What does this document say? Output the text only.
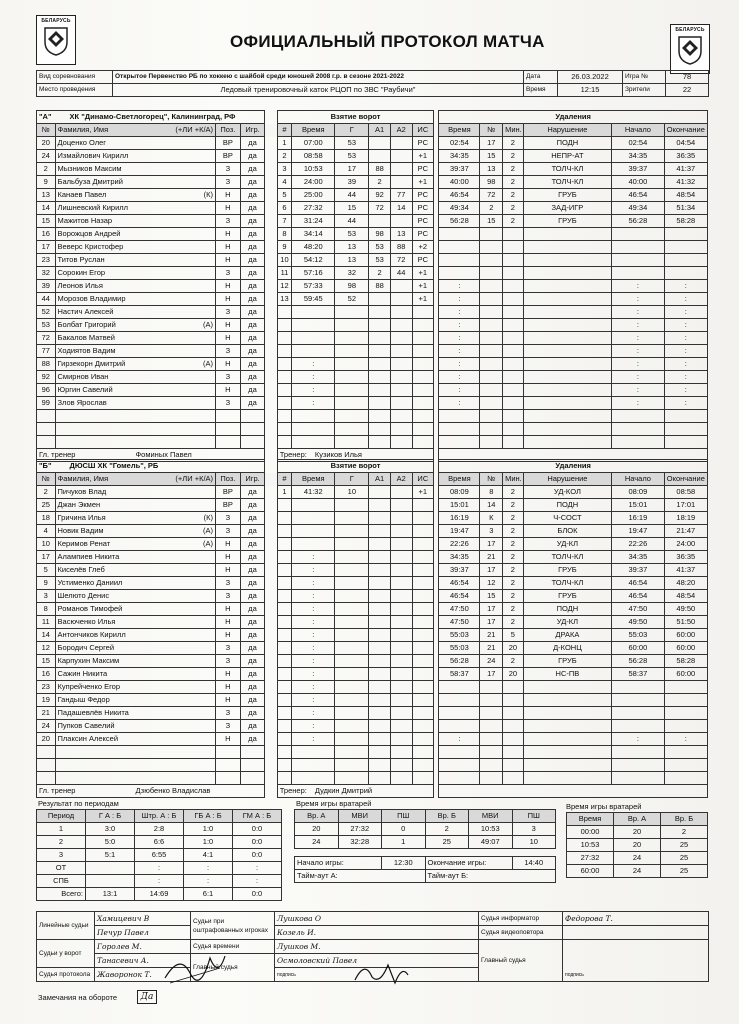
БЕЛАРУСЬ
БЕЛАРУСЬ
ОФИЦИАЛЬНЫЙ ПРОТОКОЛ МАТЧА
Вид соревнования	Открытое Первенство РБ по хоккею с шайбой среди юношей 2008 г.р. в сезоне 2021-2022	Дата	26.03.2022	Игра №	78
Место проведения	Ледовый тренировочный каток РЦОП по ЗВС "Раубичи"	Время	12:15	Зрители	22
"А" ХК "Динамо-Светлогорец", Калининград, РФ					Взятие ворот							Удаления					
№	Фамилия, Имя (+ЛИ +К/А)	Поз.	Игр.		#	Время	Г	А1	А2	ИС		Время	№	Мин.	Нарушение	Начало	Окончание
20	Доценко Олег	ВР	да		1	07:00	53			РС		02:54	17	2	ПОДН	02:54	04:54
24	Измайлович Кирилл	ВР	да		2	08:58	53			+1		34:35	15	2	НЕПР-АТ	34:35	36:35
2	Мызников Максим	З	да		3	10:53	17	88		РС		39:37	13	2	ТОЛЧ-КЛ	39:37	41:37
9	Бальбуза Дмитрий	З	да		4	24:00	39	2		+1		40:00	98	2	ТОЛЧ-КЛ	40:00	41:32
13	Канаев Павел (К)	Н	да		5	25:00	44	92	77	РС		46:54	72	2	ГРУБ	46:54	48:54
14	Лишневский Кирилл	Н	да		6	27:32	15	72	14	РС		49:34	2	2	ЗАД-ИГР	49:34	51:34
15	Мажитов Назар	З	да		7	31:24	44			РС		56:28	15	2	ГРУБ	56:28	58:28
16	Ворожцов Андрей	Н	да		8	34:14	53	98	13	РС							
17	Веверс Кристофер	Н	да		9	48:20	13	53	88	+2							
23	Титов Руслан	Н	да		10	54:12	13	53	72	РС							
32	Сорокин Егор	З	да		11	57:16	32	2	44	+1							
39	Леонов Илья	Н	да		12	57:33	98	88		+1		:				:	:
44	Морозов Владимир	Н	да		13	59:45	52			+1		:				:	:
52	Настич Алексей	З	да									:				:	:
53	Болбат Григорий (А)	Н	да									:				:	:
72	Бакалов Матвей	Н	да									:				:	:
77	Ходиятов Вадим	З	да									:				:	:
88	Гирзекорн Дмитрий (А)	Н	да			:						:				:	:
92	Смирнов Иван	З	да			:						:				:	:
96	Юргин Савелий	Н	да			:						:				:	:
99	Злов Ярослав	З	да			:						:				:	:

Гл. тренер Фоминых Павел					Тренер: Кузиков Илья												
"Б" ДЮСШ ХК "Гомель", РБ					Взятие ворот							Удаления					
№	Фамилия, Имя (+ЛИ +К/А)	Поз.	Игр.		#	Время	Г	А1	А2	ИС		Время	№	Мин.	Нарушение	Начало	Окончание
2	Пичуков Влад	ВР	да		1	41:32	10			+1		08:09	8	2	УД-КОЛ	08:09	08:58
25	Джан Экмен	ВР	да									15:01	14	2	ПОДН	15:01	17:01
18	Гричина Илья (К)	З	да									16:19	К	2	Ч-СОСТ	16:19	18:19
4	Новик Вадим (А)	З	да									19:47	3	2	БЛОК	19:47	21:47
10	Керимов Ренат (А)	Н	да									22:26	17	2	УД-КЛ	22:26	24:00
17	Алампиев Никита	Н	да			:						34:35	21	2	ТОЛЧ-КЛ	34:35	36:35
5	Киселёв Глеб	Н	да			:						39:37	17	2	ГРУБ	39:37	41:37
9	Устименко Даниил	З	да			:						46:54	12	2	ТОЛЧ-КЛ	46:54	48:20
3	Шелюто Денис	З	да			:						46:54	15	2	ГРУБ	46:54	48:54
8	Романов Тимофей	Н	да			:						47:50	17	2	ПОДН	47:50	49:50
11	Васюченко Илья	Н	да			:						47:50	17	2	УД-КЛ	49:50	51:50
14	Антончиков Кирилл	Н	да			:						55:03	21	5	ДРАКА	55:03	60:00
12	Бородич Сергей	З	да			:						55:03	21	20	Д-КОНЦ	60:00	60:00
15	Карпухин Максим	З	да			:						56:28	24	2	ГРУБ	56:28	58:28
16	Сажин Никита	Н	да			:						58:37	17	20	НС-ПВ	58:37	60:00
23	Купрейченко Егор	Н	да			:											
19	Гандыш Федор	Н	да			:											
21	Падашевлёв Никита	З	да			:											
24	Пупков Савелий	З	да			:											
20	Плаксин Алексей	Н	да			:						:				:	:

Гл. тренер Дзюбенко Владислав					Тренер: Дудкин Дмитрий												
Результат по периодам
Период	Г А : Б	Штр. А : Б	ГБ А : Б	ГМ А : Б
1	3:0	2:8	1:0	0:0
2	5:0	6:6	1:0	0:0
3	5:1	6:55	4:1	0:0
ОТ		:	:	:
СПБ		:	:	:
Всего:	13:1	14:69	6:1	0:0
Время игры вратарей
Вр. А	МВИ	ПШ	Вр. Б	МВИ	ПШ
20	27:32	0	2	10:53	3
24	32:28	1	25	49:07	10

Начало игры:		12:30	Окончание игры:		14:40
Тайм-аут А:			Тайм-аут Б:		
Время игры вратарей
Время	Вр. А	Вр. Б
00:00	20	2
10:53	20	25
27:32	24	25
60:00	24	25
Линейные судьи	Хамицевич В	Судьи при оштрафованных игроках	Лушкова О	Судья информатор	Федорова Т.
	Печур Павел		Козель И.	Судья видеоповтора	
Судьи у ворот	Горолев М.	Судья времени	Лушков М.	Главный судья	подпись
	Танасевич А.	Главный судья	Осмоловский Павел		
Судья протокола	Жаворонок Т.		подпись		
Замечания на обороте	Да
